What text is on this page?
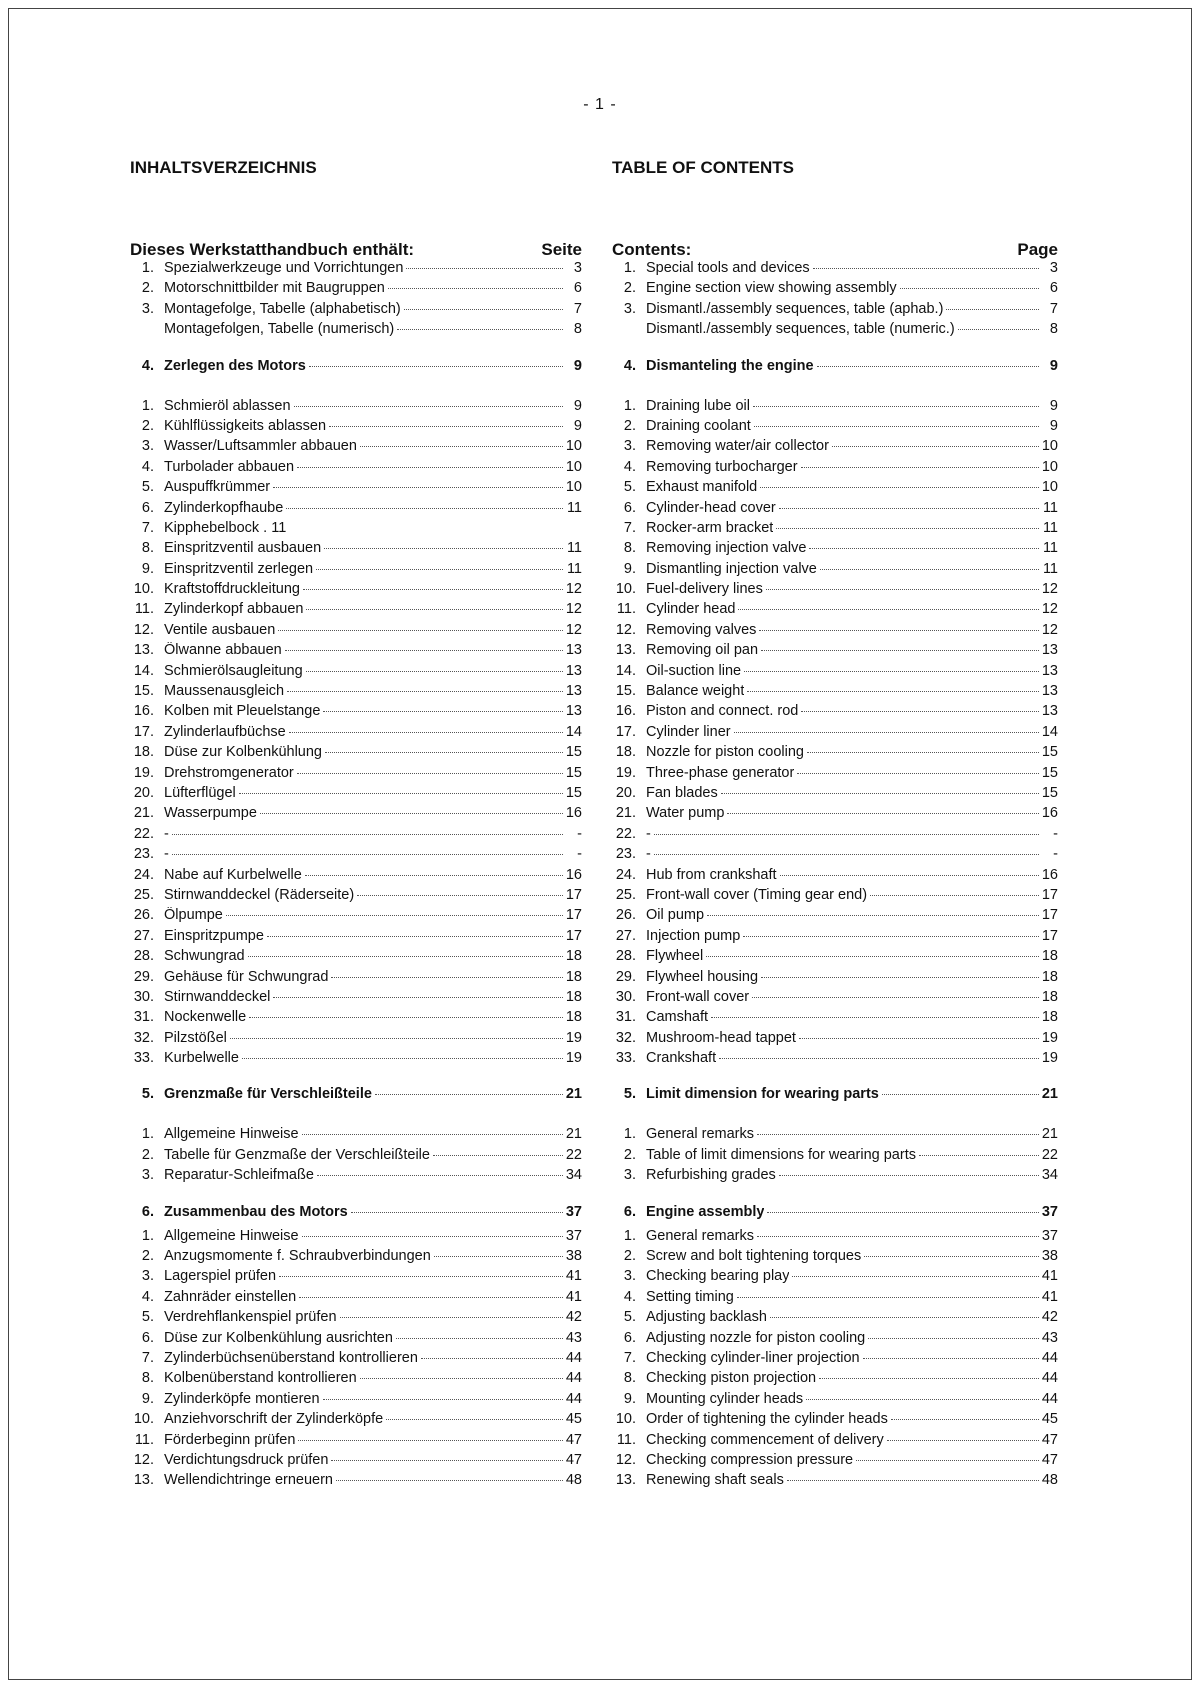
- 1 -
INHALTSVERZEICHNIS
Dieses Werkstatthandbuch enthält:	Seite
1. Spezialwerkzeuge und Vorrichtungen	3
2. Motorschnittbilder mit Baugruppen	6
3. Montagefolge, Tabelle (alphabetisch)	7
Montagefolgen, Tabelle (numerisch)	8
4. Zerlegen des Motors	9
1. Schmieröl ablassen	9
2. Kühlflüssigkeits ablassen	9
3. Wasser/Luftsammler abbauen	10
4. Turbolader abbauen	10
5. Auspuffkrümmer	10
6. Zylinderkopfhaube	11
7. Kipphebelbock . 11
8. Einspritzventil ausbauen	11
9. Einspritzventil zerlegen	11
10. Kraftstoffdruckleitung	12
11. Zylinderkopf abbauen	12
12. Ventile ausbauen	12
13. Ölwanne abbauen	13
14. Schmierölsaugleitung	13
15. Maussenausgleich	13
16. Kolben mit Pleuelstange	13
17. Zylinderlaufbüchse	14
18. Düse zur Kolbenkühlung	15
19. Drehstromgenerator	15
20. Lüfterflügel	15
21. Wasserpumpe	16
22. -	-
23. -	-
24. Nabe auf Kurbelwelle	16
25. Stirnwanddeckel (Räderseite)	17
26. Ölpumpe	17
27. Einspritzpumpe	17
28. Schwungrad	18
29. Gehäuse für Schwungrad	18
30. Stirnwanddeckel	18
31. Nockenwelle	18
32. Pilzstößel	19
33. Kurbelwelle	19
5. Grenzmaße für Verschleißteile	21
1. Allgemeine Hinweise	21
2. Tabelle für Genzmaße der Verschleißteile	22
3. Reparatur-Schleifmaße	34
6. Zusammenbau des Motors	37
1. Allgemeine Hinweise	37
2. Anzugsmomente f. Schraubverbindungen	38
3. Lagerspiel prüfen	41
4. Zahnräder einstellen	41
5. Verdrehflankenspiel prüfen	42
6. Düse zur Kolbenkühlung ausrichten	43
7. Zylinderbüchsenüberstand kontrollieren	44
8. Kolbenüberstand kontrollieren	44
9. Zylinderköpfe montieren	44
10. Anziehvorschrift der Zylinderköpfe	45
11. Förderbeginn prüfen	47
12. Verdichtungsdruck prüfen	47
13. Wellendichtringe erneuern	48
TABLE OF CONTENTS
Contents:	Page
1. Special tools and devices	3
2. Engine section view showing assembly	6
3. Dismantl./assembly sequences, table (aphab.)	7
Dismantl./assembly sequences, table (numeric.)	8
4. Dismanteling the engine	9
1. Draining lube oil	9
2. Draining coolant	9
3. Removing water/air collector	10
4. Removing turbocharger	10
5. Exhaust manifold	10
6. Cylinder-head cover	11
7. Rocker-arm bracket	11
8. Removing injection valve	11
9. Dismantling injection valve	11
10. Fuel-delivery lines	12
11. Cylinder head	12
12. Removing valves	12
13. Removing oil pan	13
14. Oil-suction line	13
15. Balance weight	13
16. Piston and connect. rod	13
17. Cylinder liner	14
18. Nozzle for piston cooling	15
19. Three-phase generator	15
20. Fan blades	15
21. Water pump	16
22. -	-
23. -	-
24. Hub from crankshaft	16
25. Front-wall cover (Timing gear end)	17
26. Oil pump	17
27. Injection pump	17
28. Flywheel	18
29. Flywheel housing	18
30. Front-wall cover	18
31. Camshaft	18
32. Mushroom-head tappet	19
33. Crankshaft	19
5. Limit dimension for wearing parts	21
1. General remarks	21
2. Table of limit dimensions for wearing parts	22
3. Refurbishing grades	34
6. Engine assembly	37
1. General remarks	37
2. Screw and bolt tightening torques	38
3. Checking bearing play	41
4. Setting timing	41
5. Adjusting backlash	42
6. Adjusting nozzle for piston cooling	43
7. Checking cylinder-liner projection	44
8. Checking piston projection	44
9. Mounting cylinder heads	44
10. Order of tightening the cylinder heads	45
11. Checking commencement of delivery	47
12. Checking compression pressure	47
13. Renewing shaft seals	48
